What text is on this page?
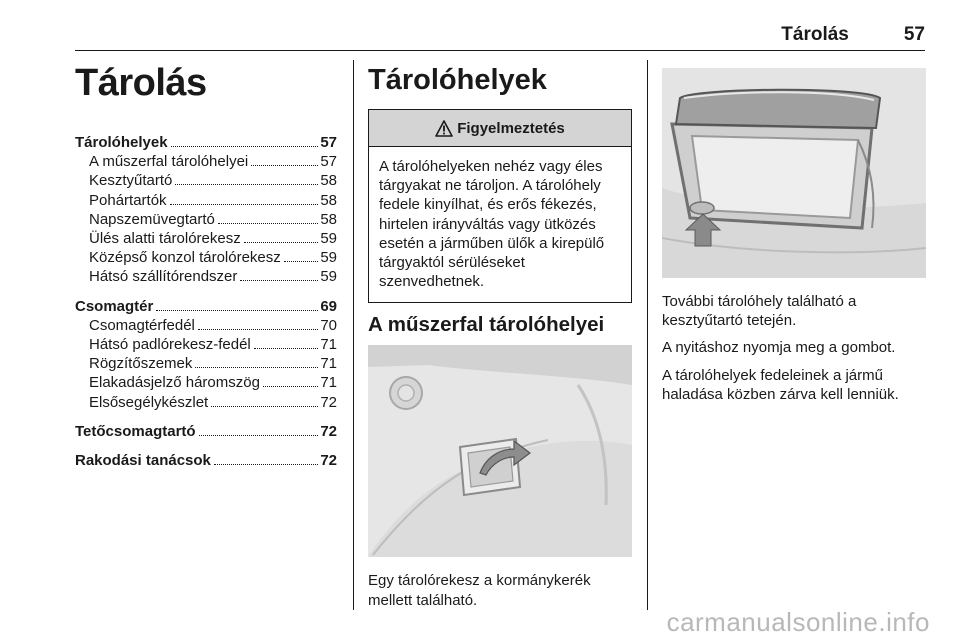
Tárolás	57
Tárolás
Tárolóhelyek	57
A műszerfal tárolóhelyei	57
Kesztyűtartó	58
Pohártartók	58
Napszemüvegtartó	58
Ülés alatti tárolórekesz	59
Középső konzol tárolórekesz	59
Hátsó szállítórendszer	59
Csomagtér	69
Csomagtérfedél	70
Hátsó padlórekesz-fedél	71
Rögzítőszemek	71
Elakadásjelző háromszög	71
Elsősegélykészlet	72
Tetőcsomagtartó	72
Rakodási tanácsok	72
Tárolóhelyek
Figyelmeztetés
A tárolóhelyeken nehéz vagy éles tárgyakat ne tároljon. A tárolóhely fedele kinyílhat, és erős fékezés, hirtelen irányváltás vagy ütközés esetén a járműben ülők a kirepülő tárgyaktól sérüléseket szenvedhetnek.
A műszerfal tárolóhelyei
Egy tárolórekesz a kormánykerék mellett található.

További tárolóhely található a kesztyűtartó tetején.

A nyitáshoz nyomja meg a gombot.

A tárolóhelyek fedeleinek a jármű haladása közben zárva kell lenniük.

carmanualsonline.info
